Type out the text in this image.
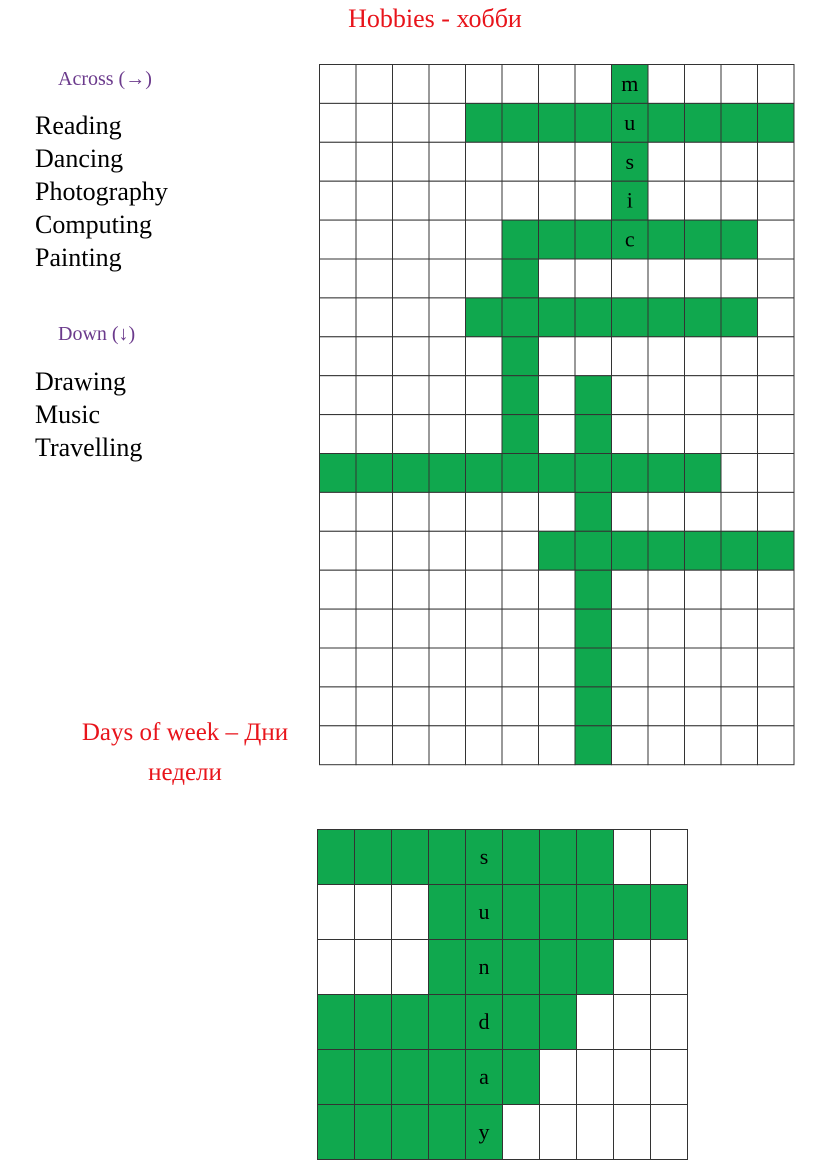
Hobbies - хобби
Across (→)
Reading
Dancing
Photography
Computing
Painting
Down (↓)
Drawing
Music
Travelling
Days of week – Дни недели
m
u
s
i
c
s
u
n
d
a
y
